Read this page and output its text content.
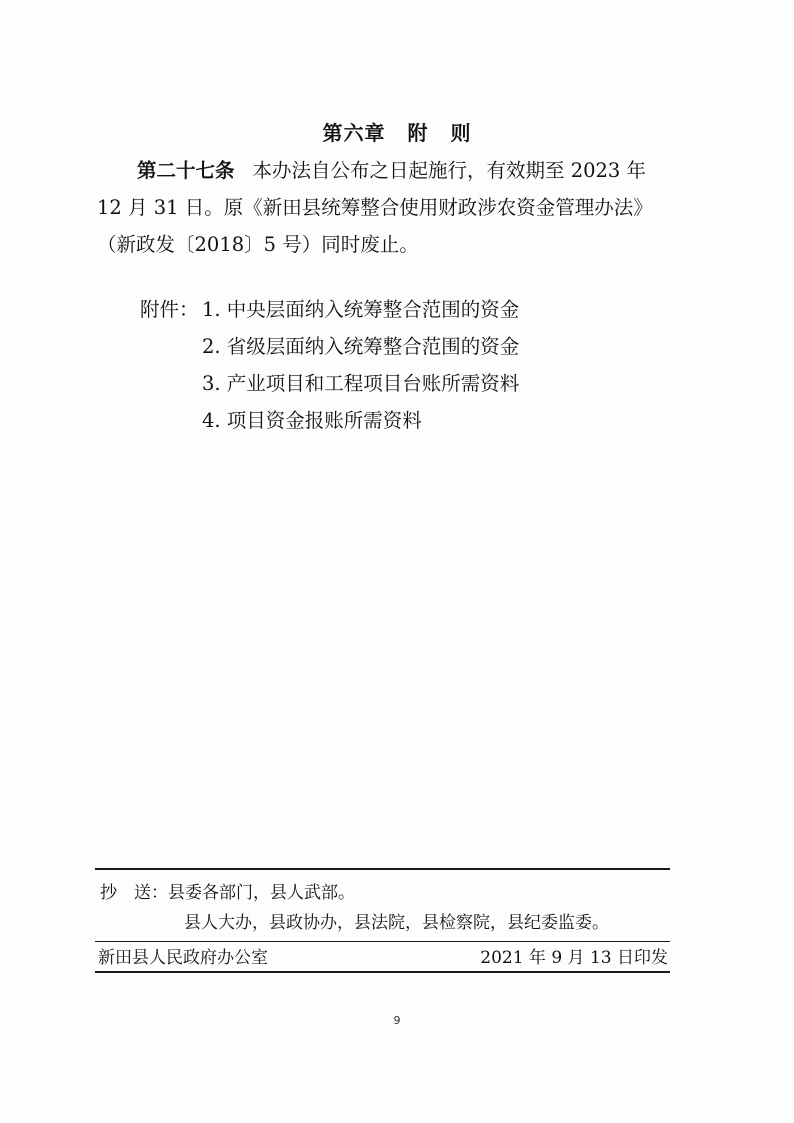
第六章 附 则
第二十七条 本办法自公布之日起施行，有效期至 2023 年
12 月 31 日。原《新田县统筹整合使用财政涉农资金管理办法》
（新政发〔2018〕5 号）同时废止。
附件： 1. 中央层面纳入统筹整合范围的资金
2. 省级层面纳入统筹整合范围的资金
3. 产业项目和工程项目台账所需资料
4. 项目资金报账所需资料
抄　送：县委各部门，县人武部。
县人大办，县政协办，县法院，县检察院，县纪委监委。
新田县人民政府办公室	2021 年 9 月 13 日印发
9
